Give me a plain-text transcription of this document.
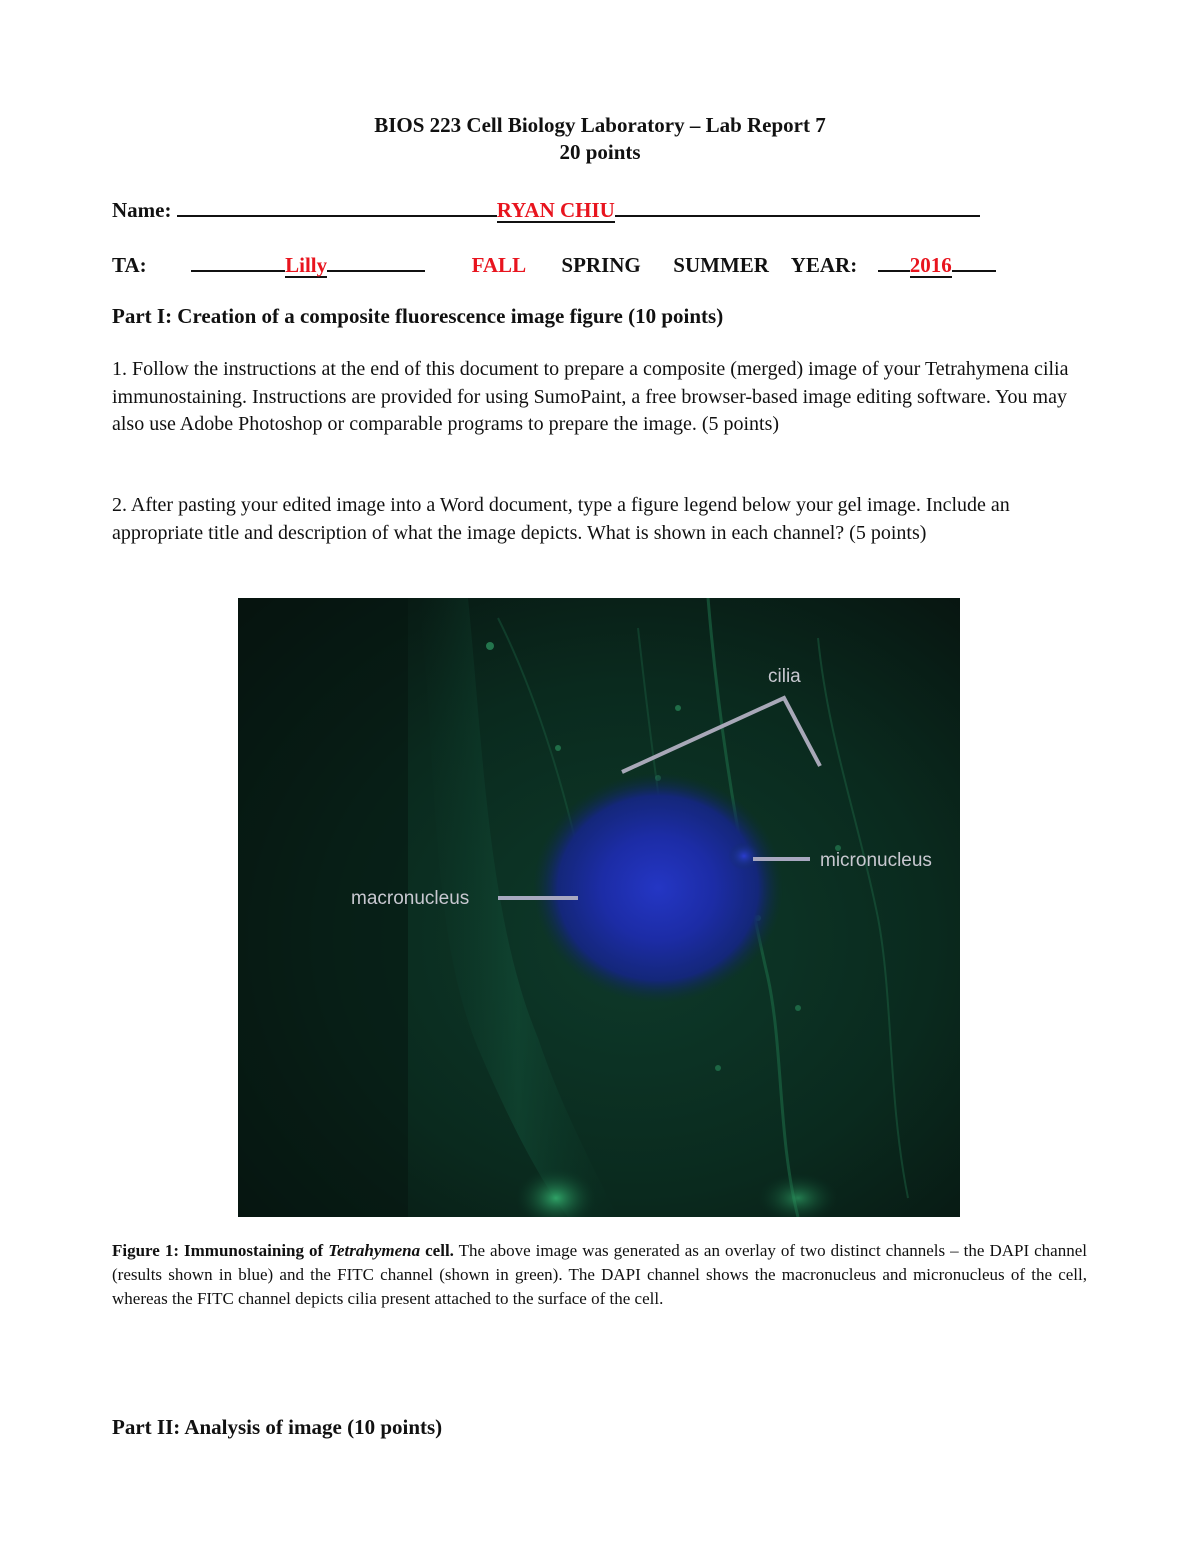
BIOS 223 Cell Biology Laboratory – Lab Report 7
20 points
Name:	RYAN CHIU
TA:	Lilly	FALL SPRING SUMMER YEAR:	2016
Part I: Creation of a composite fluorescence image figure (10 points)
1. Follow the instructions at the end of this document to prepare a composite (merged) image of your Tetrahymena cilia immunostaining. Instructions are provided for using SumoPaint, a free browser-based image editing software. You may also use Adobe Photoshop or comparable programs to prepare the image. (5 points)
2. After pasting your edited image into a Word document, type a figure legend below your gel image. Include an appropriate title and description of what the image depicts. What is shown in each channel? (5 points)
cilia
micronucleus
macronucleus
Figure 1: Immunostaining of Tetrahymena cell. The above image was generated as an overlay of two distinct channels – the DAPI channel (results shown in blue) and the FITC channel (shown in green). The DAPI channel shows the macronucleus and micronucleus of the cell, whereas the FITC channel depicts cilia present attached to the surface of the cell.
Part II: Analysis of image (10 points)
